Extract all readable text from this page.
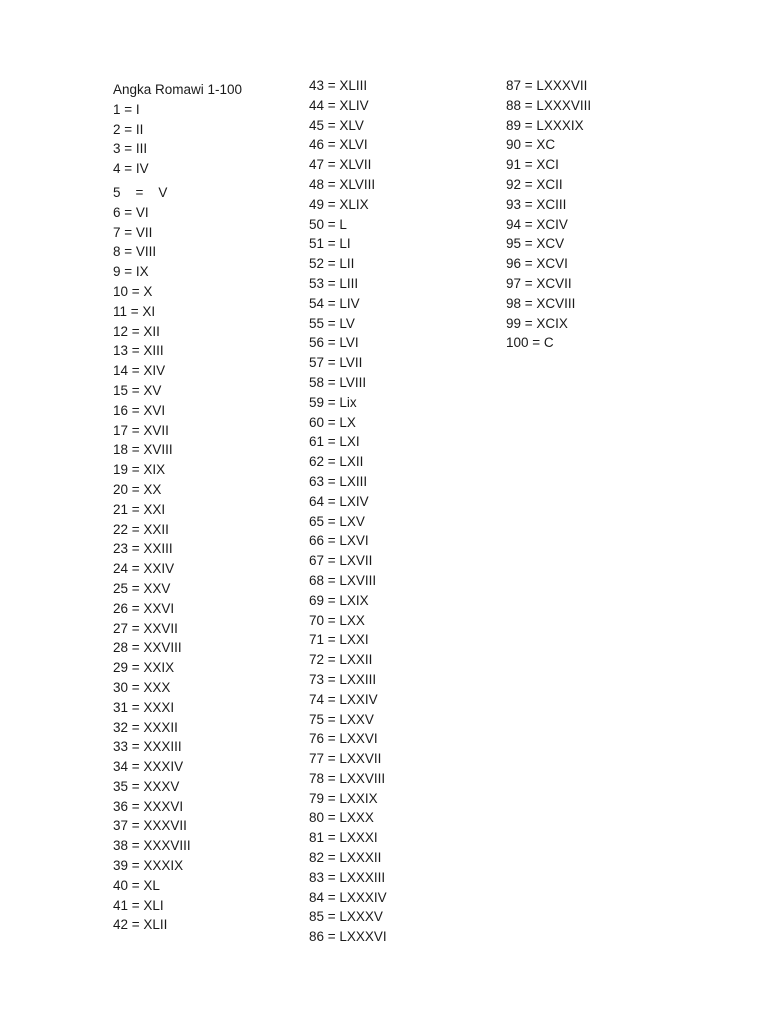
Angka Romawi 1-100
1 = I
2 = II
3 = III
4 = IV
5    =    V
6 = VI
7 = VII
8 = VIII
9 = IX
10 = X
11 = XI
12 = XII
13 = XIII
14 = XIV
15 = XV
16 = XVI
17 = XVII
18 = XVIII
19 = XIX
20 = XX
21 = XXI
22 = XXII
23 = XXIII
24 = XXIV
25 = XXV
26 = XXVI
27 = XXVII
28 = XXVIII
29 = XXIX
30 = XXX
31 = XXXI
32 = XXXII
33 = XXXIII
34 = XXXIV
35 = XXXV
36 = XXXVI
37 = XXXVII
38 = XXXVIII
39 = XXXIX
40 = XL
41 = XLI
42 = XLII
43 = XLIII
44 = XLIV
45 = XLV
46 = XLVI
47 = XLVII
48 = XLVIII
49 = XLIX
50 = L
51 = LI
52 = LII
53 = LIII
54 = LIV
55 = LV
56 = LVI
57 = LVII
58 = LVIII
59 = Lix
60 = LX
61 = LXI
62 = LXII
63 = LXIII
64 = LXIV
65 = LXV
66 = LXVI
67 = LXVII
68 = LXVIII
69 = LXIX
70 = LXX
71 = LXXI
72 = LXXII
73 = LXXIII
74 = LXXIV
75 = LXXV
76 = LXXVI
77 = LXXVII
78 = LXXVIII
79 = LXXIX
80 = LXXX
81 = LXXXI
82 = LXXXII
83 = LXXXIII
84 = LXXXIV
85 = LXXXV
86 = LXXXVI
87 = LXXXVII
88 = LXXXVIII
89 = LXXXIX
90 = XC
91 = XCI
92 = XCII
93 = XCIII
94 = XCIV
95 = XCV
96 = XCVI
97 = XCVII
98 = XCVIII
99 = XCIX
100 = C
